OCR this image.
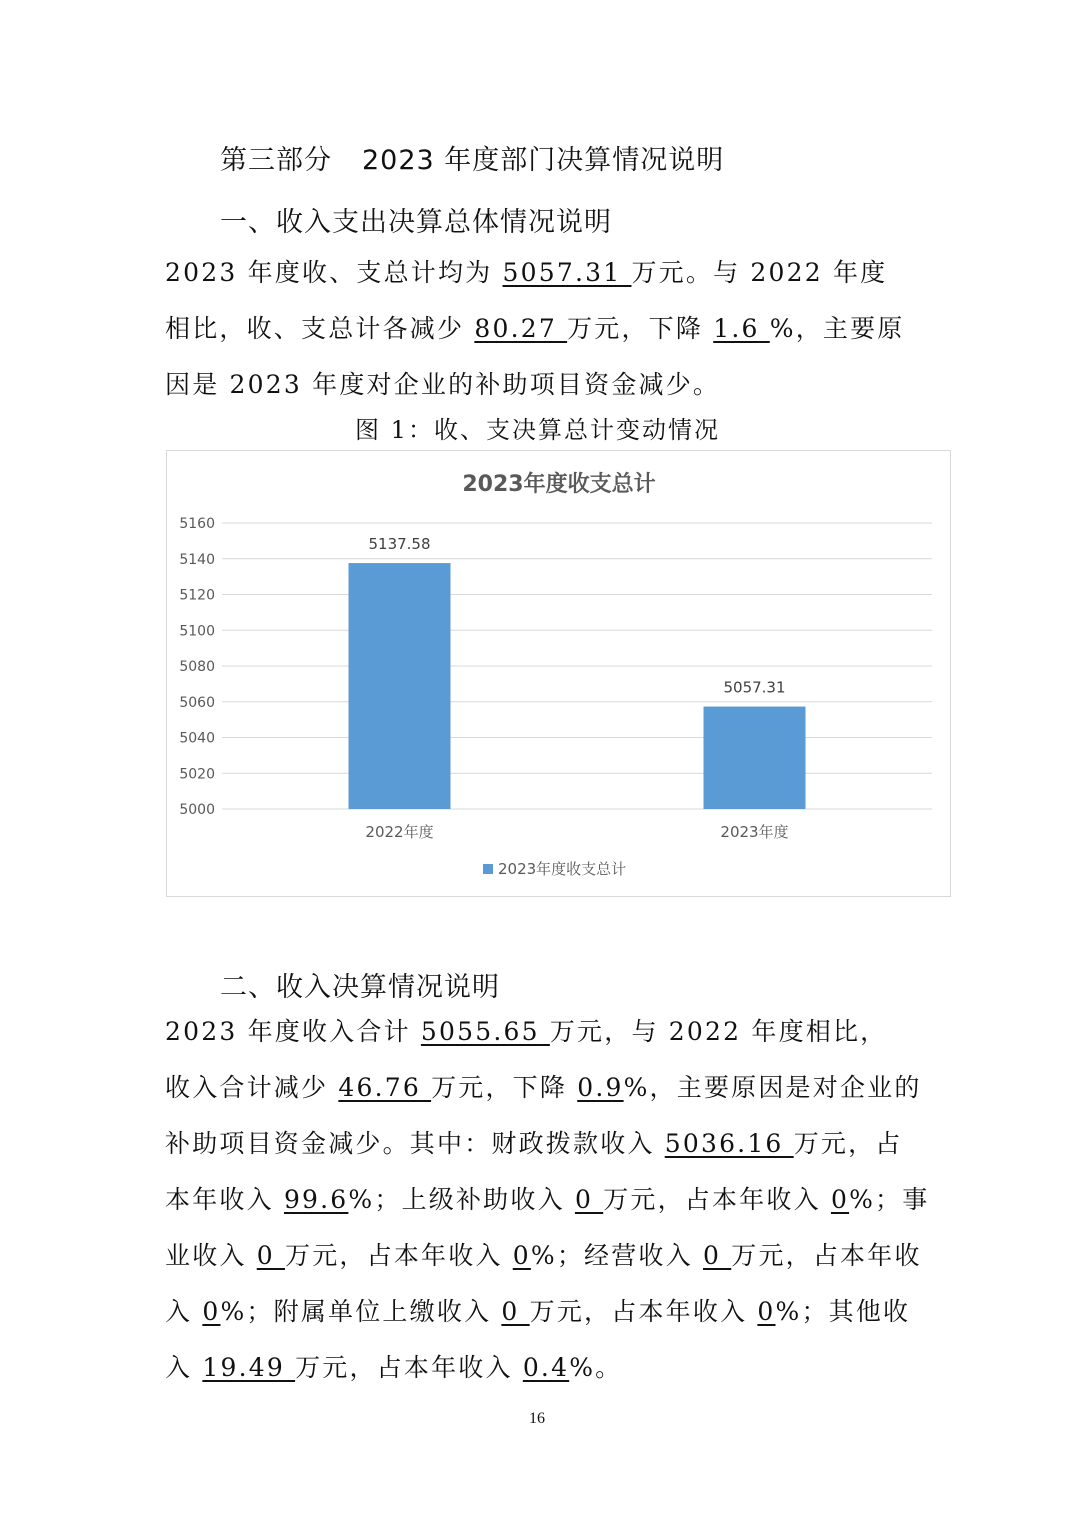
第三部分 2023 年度部门决算情况说明
一、收入支出决算总体情况说明
2023 年度收、支总计均为 5057.31 万元。与 2022 年度
相比，收、支总计各减少 80.27 万元，下降 1.6 %，主要原
因是 2023 年度对企业的补助项目资金减少。
图 1：收、支决算总计变动情况
2023年度收支总计
5000
5020
5040
5060
5080
5100
5120
5140
5160
5137.58
5057.31
2022年度	2023年度
2023年度收支总计
二、收入决算情况说明
2023 年度收入合计 5055.65 万元，与 2022 年度相比，
收入合计减少 46.76 万元，下降 0.9%，主要原因是对企业的
补助项目资金减少。其中：财政拨款收入 5036.16 万元，占
本年收入 99.6%；上级补助收入 0 万元，占本年收入 0%；事
业收入 0 万元，占本年收入 0%；经营收入 0 万元，占本年收
入 0%；附属单位上缴收入 0 万元，占本年收入 0%；其他收
入 19.49 万元，占本年收入 0.4%。
16
